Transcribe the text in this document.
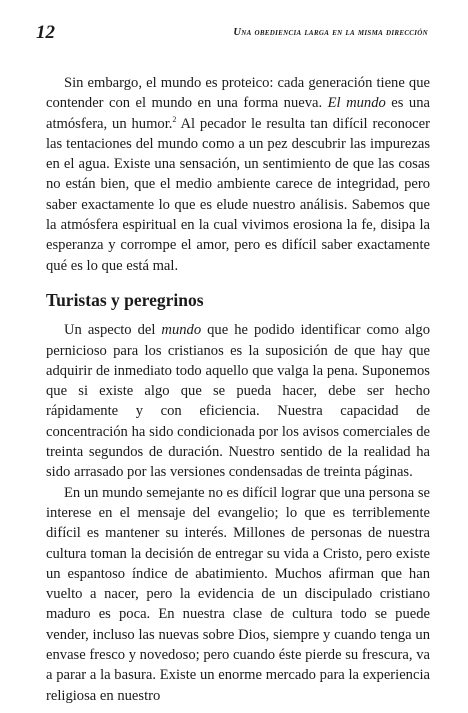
12	Una obediencia larga en la misma dirección

Sin embargo, el mundo es proteico: cada generación tiene que contender con el mundo en una forma nueva. El mundo es una atmósfera, un humor.$^2$ Al pecador le resulta tan difícil reconocer las tentaciones del mundo como a un pez descubrir las impurezas en el agua. Existe una sensación, un sentimiento de que las cosas no están bien, que el medio ambiente carece de integridad, pero saber exactamente lo que es elude nuestro análisis. Sabemos que la atmósfera espiritual en la cual vivimos erosiona la fe, disipa la esperanza y corrompe el amor, pero es difícil saber exactamente qué es lo que está mal.

Turistas y peregrinos

Un aspecto del mundo que he podido identificar como algo pernicioso para los cristianos es la suposición de que hay que adquirir de inmediato todo aquello que valga la pena. Suponemos que si existe algo que se pueda hacer, debe ser hecho rápidamente y con eficiencia. Nuestra capacidad de concentración ha sido condicionada por los avisos comerciales de treinta segundos de duración. Nuestro sentido de la realidad ha sido arrasado por las versiones condensadas de treinta páginas.

En un mundo semejante no es difícil lograr que una persona se interese en el mensaje del evangelio; lo que es terriblemente difícil es mantener su interés. Millones de personas de nuestra cultura toman la decisión de entregar su vida a Cristo, pero existe un espantoso índice de abatimiento. Muchos afirman que han vuelto a nacer, pero la evidencia de un discipulado cristiano maduro es poca. En nuestra clase de cultura todo se puede vender, incluso las nuevas sobre Dios, siempre y cuando tenga un envase fresco y novedoso; pero cuando éste pierde su frescura, va a parar a la basura. Existe un enorme mercado para la experiencia religiosa en nuestro
